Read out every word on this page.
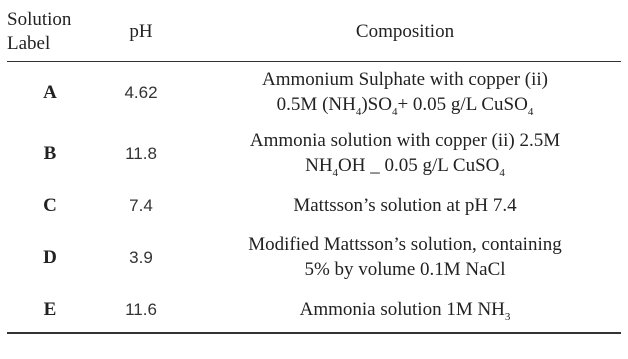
Solution
Label	pH	Composition
A	4.62	Ammonium Sulphate with copper (ii)
0.5M $(NH_4)SO_4+ 0.05$ g/L CuSO$_4$
B	11.8	Ammonia solution with copper (ii) 2.5M
$NH_4OH$ _ 0.05 g/L CuSO$_4$
C	7.4	Mattsson’s solution at pH 7.4
D	3.9	Modified Mattsson’s solution, containing
5% by volume 0.1M NaCl
E	11.6	Ammonia solution 1M $NH_3$
